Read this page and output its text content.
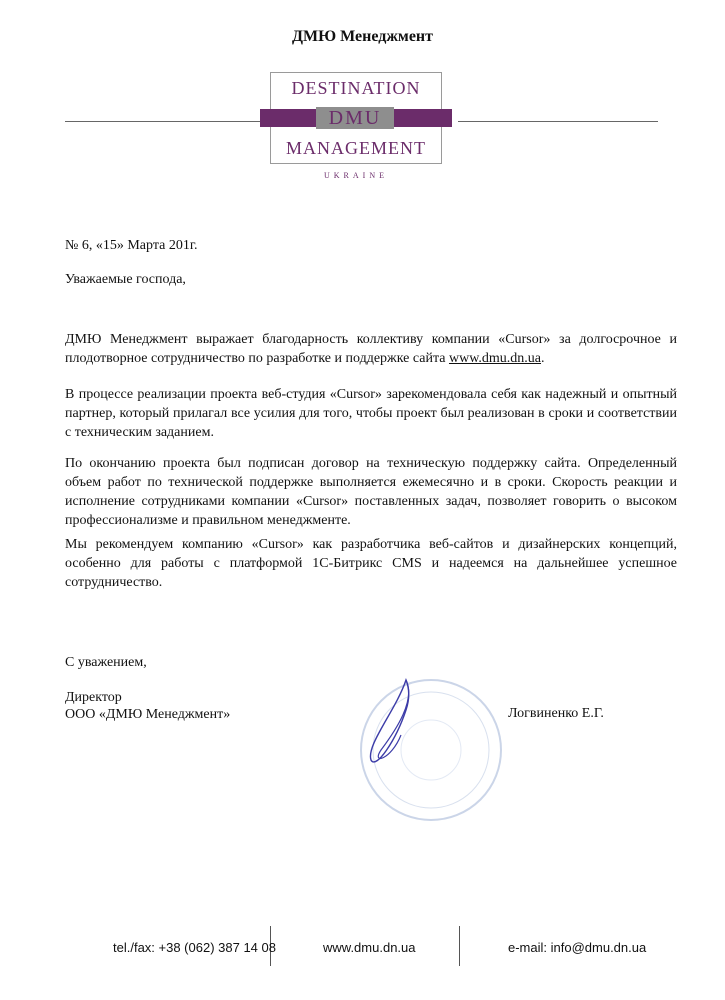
ДМЮ Менеджмент
DESTINATION
DMU
MANAGEMENT
UKRAINE
№ 6, «15» Марта 201г.
Уважаемые господа,
ДМЮ Менеджмент выражает благодарность коллективу компании «Cursor» за долгосрочное и плодотворное сотрудничество по разработке и поддержке сайта www.dmu.dn.ua.
В процессе реализации проекта веб-студия «Cursor» зарекомендовала себя как надежный и опытный партнер, который прилагал все усилия для того, чтобы проект был реализован в сроки и соответствии с техническим заданием.
По окончанию проекта был подписан договор на техническую поддержку сайта. Определенный объем работ по технической поддержке выполняется ежемесячно и в сроки. Скорость реакции и исполнение сотрудниками компании «Cursor» поставленных задач, позволяет говорить о высоком профессионализме и правильном менеджменте.
Мы рекомендуем компанию «Cursor» как разработчика веб-сайтов и дизайнерских концепций, особенно для работы с платформой 1С-Битрикс CMS и надеемся на дальнейшее успешное сотрудничество.
С уважением,
Директор
ООО «ДМЮ Менеджмент»	Логвиненко Е.Г.
tel./fax: +38 (062) 387 14 08	www.dmu.dn.ua	e-mail: info@dmu.dn.ua
